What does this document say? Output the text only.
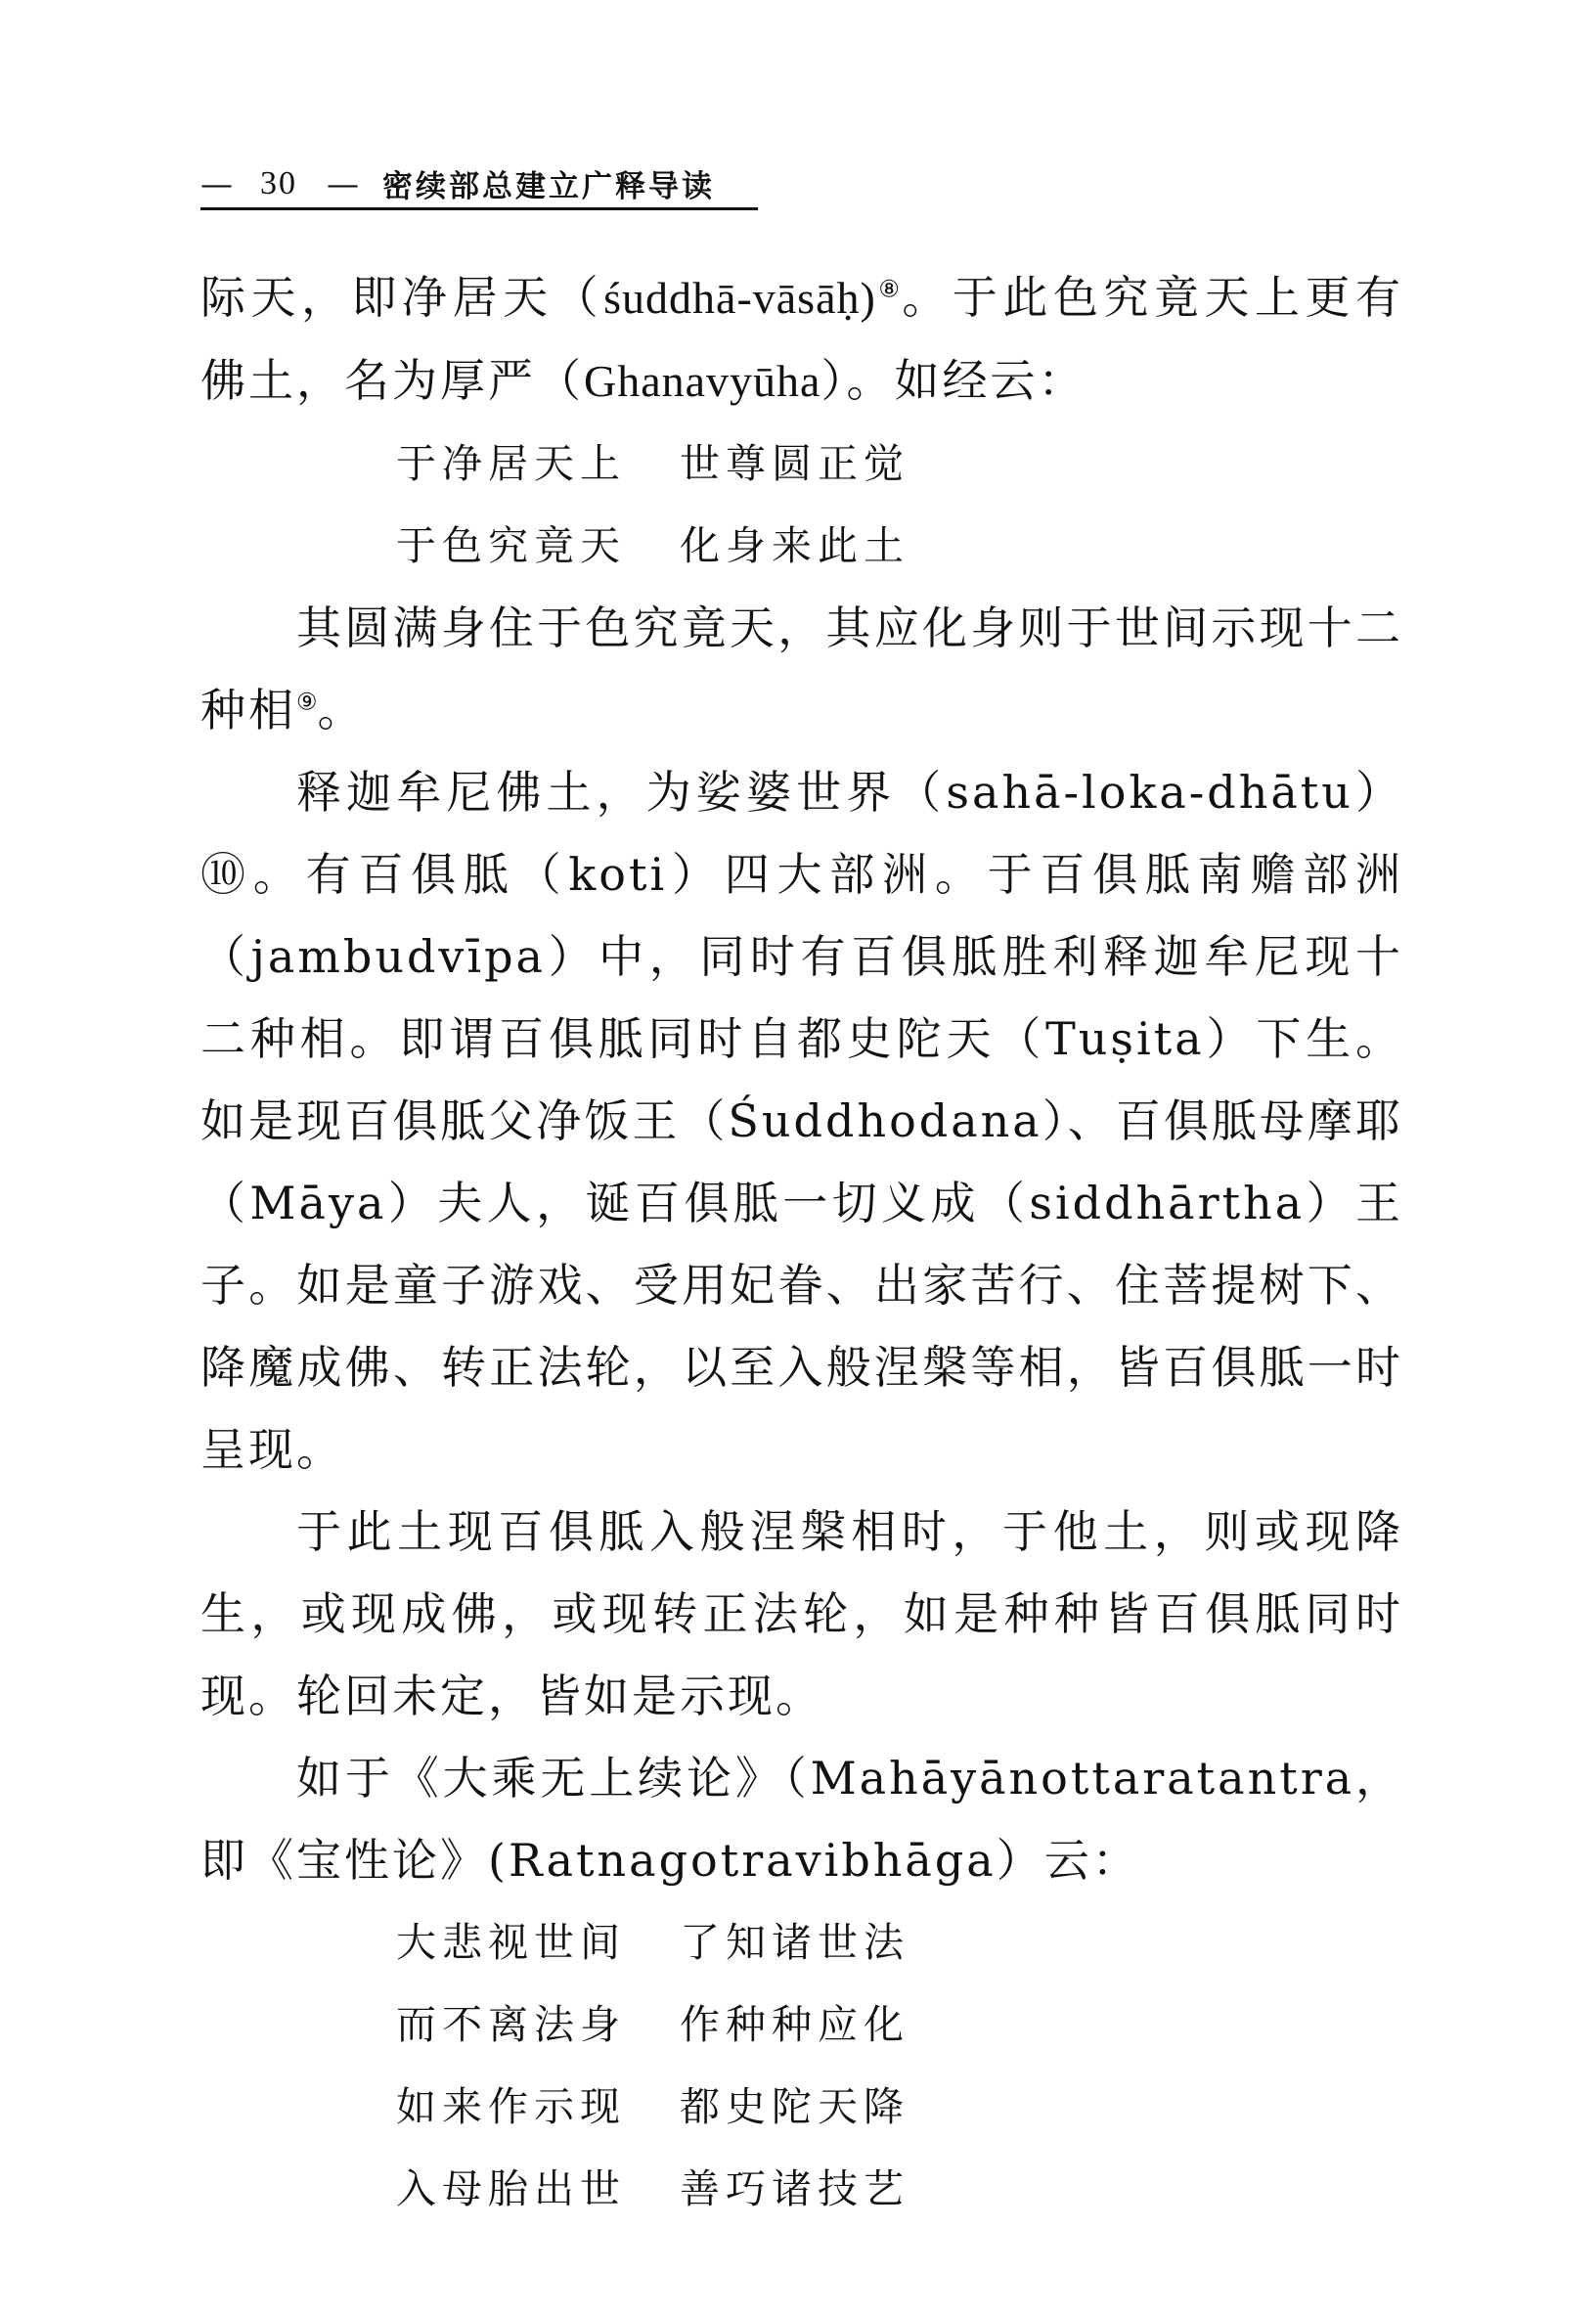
— 30 — 密续部总建立广释导读

际天，即净居天（śuddhā-vāsāḥ)⑧。于此色究竟天上更有佛土，名为厚严（Ghanavyūha）。如经云：

于净居天上 世尊圆正觉

于色究竟天 化身来此土

其圆满身住于色究竟天，其应化身则于世间示现十二种相⑨。

释迦牟尼佛土，为娑婆世界（sahā-loka-dhātu）⑩。有百俱胝（koti）四大部洲。于百俱胝南赡部洲（jambudvīpa）中，同时有百俱胝胜利释迦牟尼现十二种相。即谓百俱胝同时自都史陀天（Tuṣita）下生。如是现百俱胝父净饭王（Śuddhodana）、百俱胝母摩耶（Māya）夫人，诞百俱胝一切义成（siddhārtha）王子。如是童子游戏、受用妃眷、出家苦行、住菩提树下、降魔成佛、转正法轮，以至入般涅槃等相，皆百俱胝一时呈现。

于此土现百俱胝入般涅槃相时，于他土，则或现降生，或现成佛，或现转正法轮，如是种种皆百俱胝同时现。轮回未定，皆如是示现。

如于《大乘无上续论》（Mahāyānottaratantra，即《宝性论》(Ratnagotravibhāga）云：

大悲视世间 了知诸世法

而不离法身 作种种应化

如来作示现 都史陀天降

入母胎出世 善巧诸技艺
